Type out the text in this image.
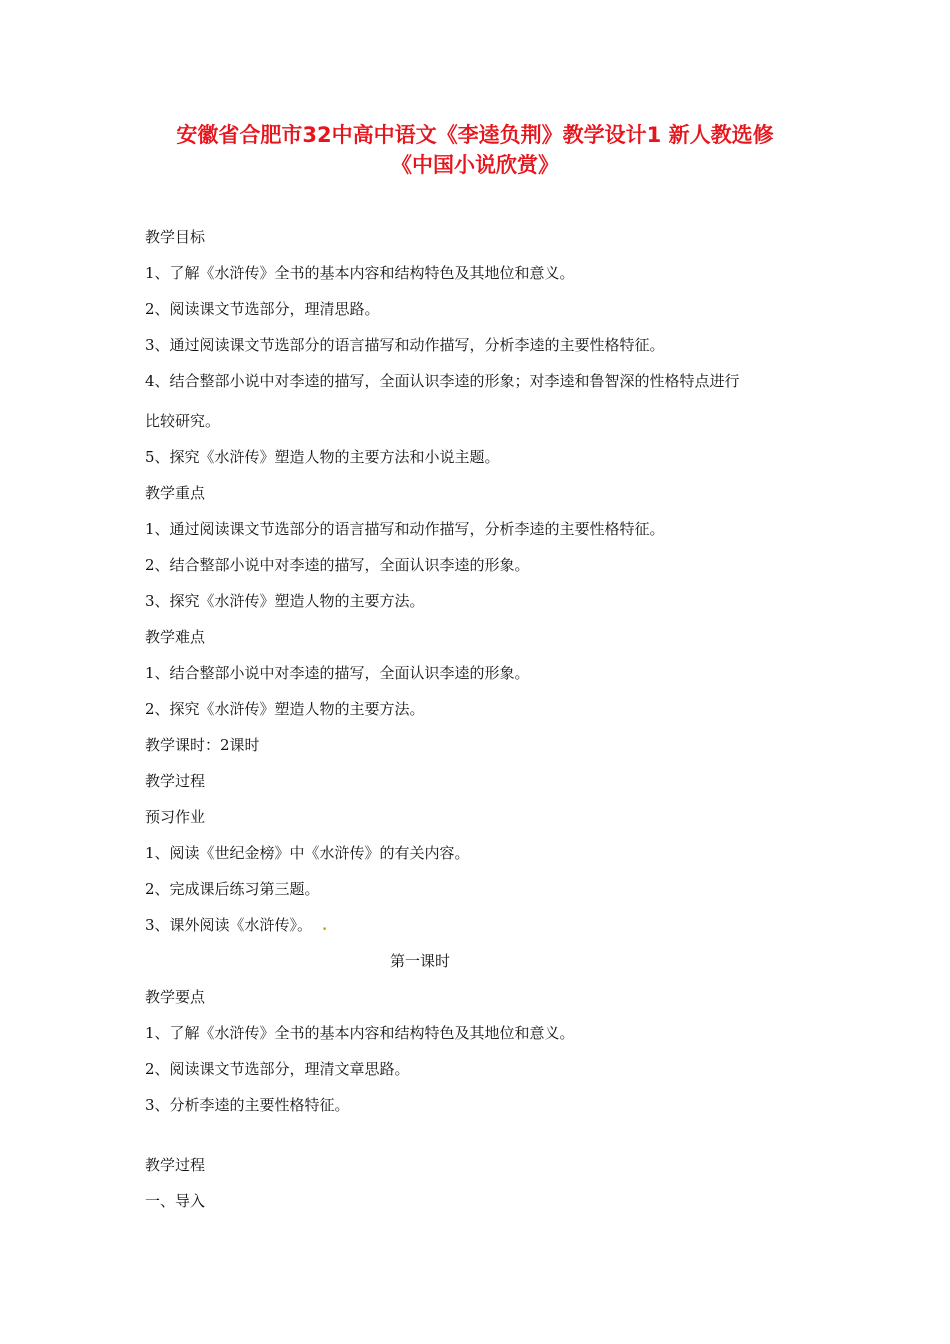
安徽省合肥市32中高中语文《李逵负荆》教学设计1 新人教选修
《中国小说欣赏》
教学目标
1、了解《水浒传》全书的基本内容和结构特色及其地位和意义。
2、阅读课文节选部分，理清思路。
3、通过阅读课文节选部分的语言描写和动作描写，分析李逵的主要性格特征。
4、结合整部小说中对李逵的描写，全面认识李逵的形象；对李逵和鲁智深的性格特点进行
比较研究。
5、探究《水浒传》塑造人物的主要方法和小说主题。
教学重点
1、通过阅读课文节选部分的语言描写和动作描写，分析李逵的主要性格特征。
2、结合整部小说中对李逵的描写，全面认识李逵的形象。
3、探究《水浒传》塑造人物的主要方法。
教学难点
1、结合整部小说中对李逵的描写，全面认识李逵的形象。
2、探究《水浒传》塑造人物的主要方法。
教学课时：2课时
教学过程
预习作业
1、阅读《世纪金榜》中《水浒传》的有关内容。
2、完成课后练习第三题。
3、课外阅读《水浒传》。 .
第一课时
教学要点
1、了解《水浒传》全书的基本内容和结构特色及其地位和意义。
2、阅读课文节选部分，理清文章思路。
3、分析李逵的主要性格特征。
教学过程
一、导入
